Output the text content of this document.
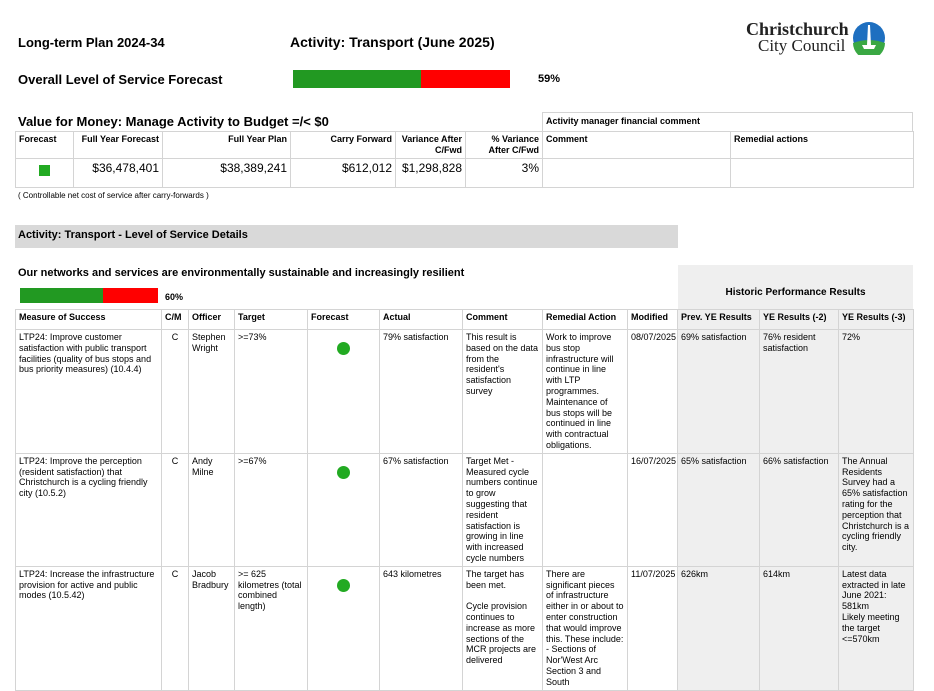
Long-term Plan 2024-34	Activity: Transport (June 2025)
Christchurch
City Council
Overall Level of Service Forecast	59%
Value for Money: Manage Activity to Budget =/< $0	Activity manager financial comment
Forecast	Full Year Forecast	Full Year Plan	Carry Forward	Variance After C/Fwd	% Variance After C/Fwd	Comment	Remedial actions

	$36,478,401	$38,389,241	$612,012	$1,298,828	3%		
( Controllable net cost of service after carry-forwards )
Activity: Transport - Level of Service Details
Our networks and services are environmentally sustainable and increasingly resilient
60%	Historic Performance Results
Measure of Success	C/M	Officer	Target	Forecast	Actual	Comment	Remedial Action	Modified	Prev. YE Results	YE Results (-2)	YE Results (-3)
LTP24: Improve customer satisfaction with public transport facilities (quality of bus stops and bus priority measures) (10.4.4)	C	Stephen Wright	>=73%		79% satisfaction	This result is based on the data from the resident's satisfaction survey	Work to improve bus stop infrastructure will continue in line with LTP programmes. Maintenance of bus stops will be continued in line with contractual obligations.	08/07/2025	69% satisfaction	76% resident satisfaction	72%
LTP24: Improve the perception (resident satisfaction) that Christchurch is a cycling friendly city (10.5.2)	C	Andy Milne	>=67%		67% satisfaction	Target Met - Measured cycle numbers continue to grow suggesting that resident satisfaction is growing in line with increased cycle numbers		16/07/2025	65% satisfaction	66% satisfaction	The Annual Residents Survey had a 65% satisfaction rating for the perception that Christchurch is a cycling friendly city.
LTP24: Increase the infrastructure provision for active and public modes (10.5.42)	C	Jacob Bradbury	>= 625 kilometres (total combined length)		643 kilometres	The target has been met.

Cycle provision continues to increase as more sections of the MCR projects are delivered	There are significant pieces of infrastructure either in or about to enter construction that would improve this. These include:
- Sections of Nor'West Arc Section 3 and South	11/07/2025	626km	614km	Latest data extracted in late June 2021: 581km
Likely meeting the target <=570km
